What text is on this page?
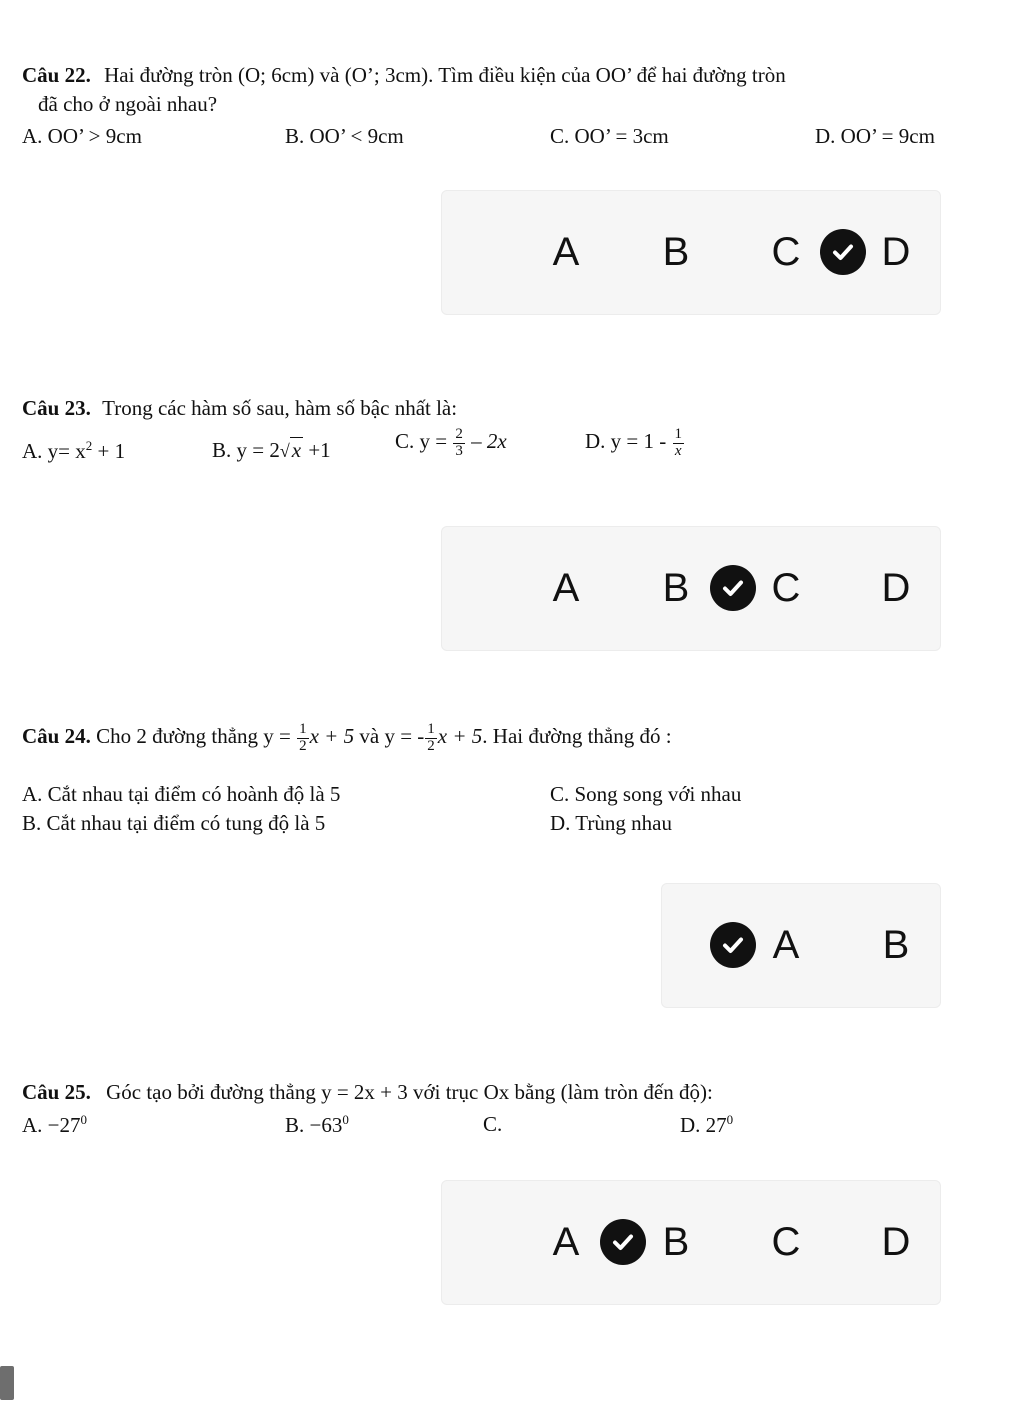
Câu 22. Hai đường tròn (O; 6cm) và (O’; 3cm). Tìm điều kiện của OO’ để hai đường tròn
đã cho ở ngoài nhau?
A. OO’ > 9cm	B. OO’ < 9cm	C. OO’ = 3cm	D. OO’ = 9cm
A B C D
Câu 23. Trong các hàm số sau, hàm số bậc nhất là:
A. $y= x^2 + 1$	B. y = 2√x +1	C. $y = \frac{2}{3} - 2x$	D. $y = 1 - \frac{1}{x}$
A B C D
Câu 24. Cho 2 đường thẳng $y = \frac{1}{2}$ x + 5 và y = - $\frac{1}{2}$ x + 5. Hai đường thẳng đó :
A. Cắt nhau tại điểm có hoành độ là 5	C. Song song với nhau
B. Cắt nhau tại điểm có tung độ là 5	D. Trùng nhau
A B
Câu 25. Góc tạo bởi đường thẳng y = 2x + 3 với trục Ox bằng (làm tròn đến độ):
A. $-27^0$	B. $-63^0$	C.	D. $27^0$
A B C D
